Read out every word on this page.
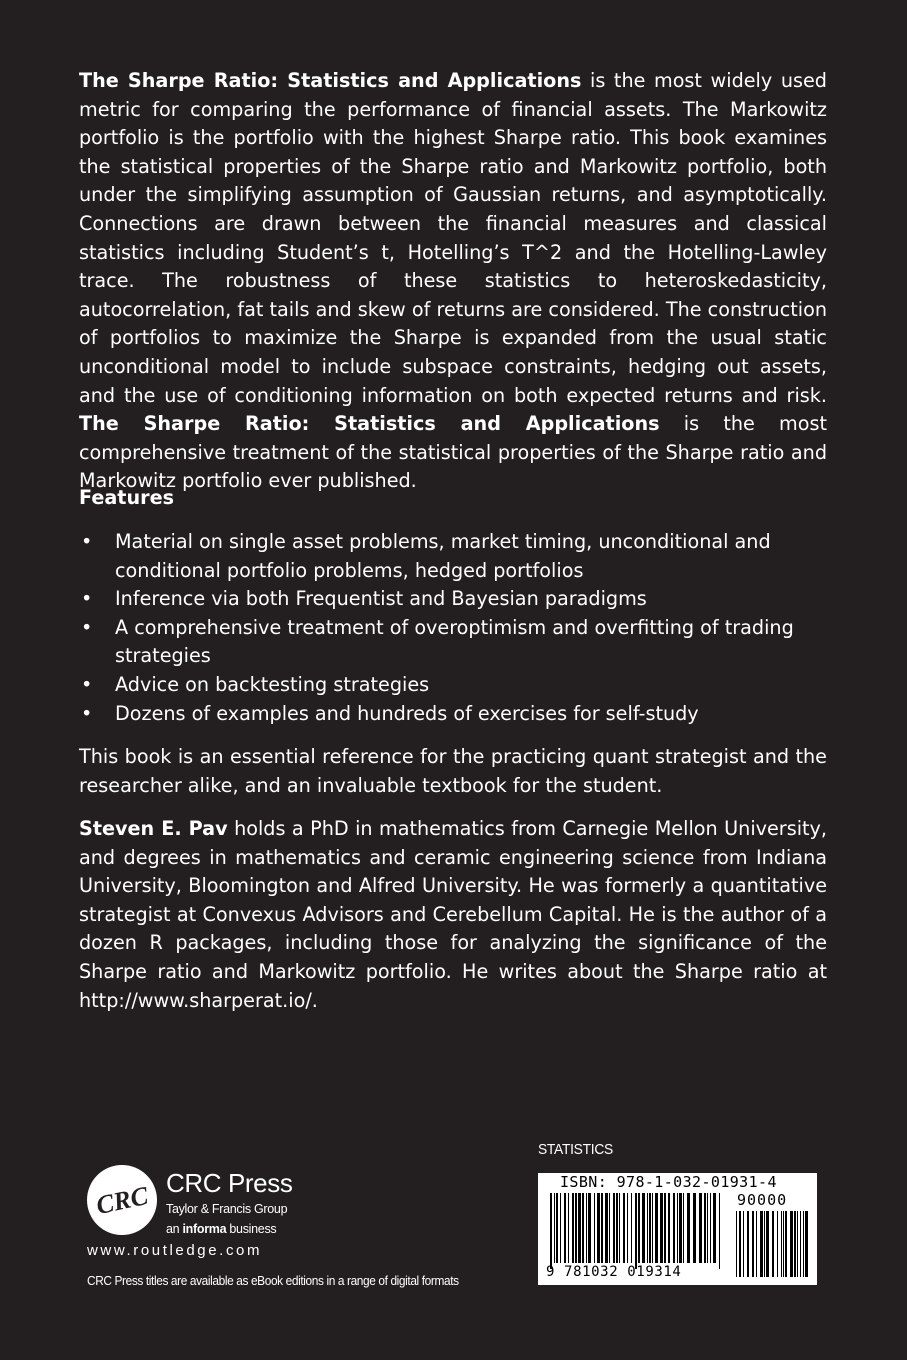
The Sharpe Ratio: Statistics and Applications is the most widely used metric for comparing the performance of financial assets. The Markowitz portfolio is the portfolio with the highest Sharpe ratio. This book examines the statistical properties of the Sharpe ratio and Markowitz portfolio, both under the simplifying assumption of Gaussian returns, and asymptotically. Connections are drawn between the financial measures and classical statistics including Student’s t, Hotelling’s T^2 and the Hotelling-Lawley trace. The robustness of these statistics to heteroskedasticity, autocorrelation, fat tails and skew of returns are considered. The construction of portfolios to maximize the Sharpe is expanded from the usual static unconditional model to include subspace constraints, hedging out assets, and the use of conditioning information on both expected returns and risk. The Sharpe Ratio: Statistics and Applications is the most comprehensive treatment of the statistical properties of the Sharpe ratio and Markowitz portfolio ever published.

Features
• Material on single asset problems, market timing, unconditional and conditional portfolio problems, hedged portfolios
• Inference via both Frequentist and Bayesian paradigms
• A comprehensive treatment of overoptimism and overfitting of trading strategies
• Advice on backtesting strategies
• Dozens of examples and hundreds of exercises for self-study

This book is an essential reference for the practicing quant strategist and the researcher alike, and an invaluable textbook for the student.

Steven E. Pav holds a PhD in mathematics from Carnegie Mellon University, and degrees in mathematics and ceramic engineering science from Indiana University, Bloomington and Alfred University. He was formerly a quantitative strategist at Convexus Advisors and Cerebellum Capital. He is the author of a dozen R packages, including those for analyzing the significance of the Sharpe ratio and Markowitz portfolio. He writes about the Sharpe ratio at http://www.sharperat.io/.

CRC CRC Press
Taylor & Francis Group
an informa business
www.routledge.com
CRC Press titles are available as eBook editions in a range of digital formats
STATISTICS
ISBN: 978-1-032-01931-4
90000
9 781032 019314
